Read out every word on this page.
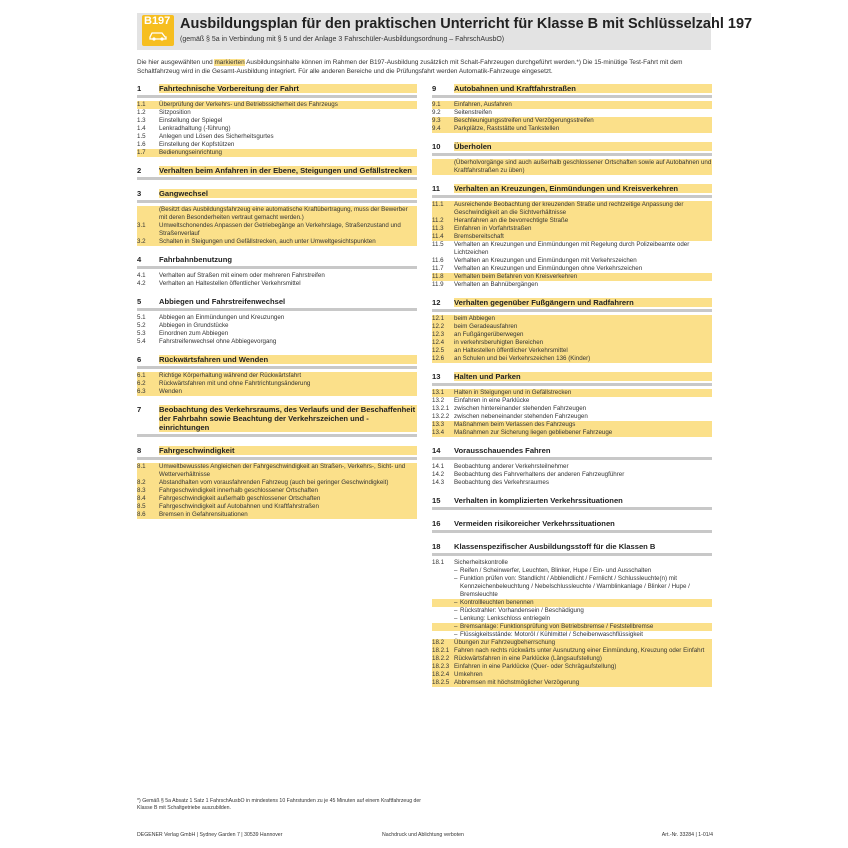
B197 Ausbildungsplan für den praktischen Unterricht für Klasse B mit Schlüsselzahl 197
(gemäß § 5a in Verbindung mit § 5 und der Anlage 3 Fahrschüler-Ausbildungsordnung – FahrschAusbO)
Die hier ausgewählten und markierten Ausbildungsinhalte können im Rahmen der B197-Ausbildung zusätzlich mit Schalt-Fahrzeugen durchgeführt werden.*) Die 15-minütige Test-Fahrt mit dem Schaltfahrzeug wird in die Gesamt-Ausbildung integriert. Für alle anderen Bereiche und die Prüfungsfahrt werden Automatik-Fahrzeuge eingesetzt.
1	Fahrtechnische Vorbereitung der Fahrt
1.1	Überprüfung der Verkehrs- und Betriebssicherheit des Fahrzeugs
1.2	Sitzposition
1.3	Einstellung der Spiegel
1.4	Lenkradhaltung (-führung)
1.5	Anlegen und Lösen des Sicherheitsgurtes
1.6	Einstellung der Kopfstützen
1.7	Bedienungseinrichtung
2	Verhalten beim Anfahren in der Ebene, Steigungen und Gefällstrecken
3	Gangwechsel
(Besitzt das Ausbildungsfahrzeug eine automatische Kraftübertragung, muss der Bewerber mit deren Besonderheiten vertraut gemacht werden.)
3.1	Umweltschonendes Anpassen der Getriebegänge an Verkehrslage, Straßenzustand und Straßenverlauf
3.2	Schalten in Steigungen und Gefällstrecken, auch unter Umweltgesichtspunkten
4	Fahrbahnbenutzung
4.1	Verhalten auf Straßen mit einem oder mehreren Fahrstreifen
4.2	Verhalten an Haltestellen öffentlicher Verkehrsmittel
5	Abbiegen und Fahrstreifenwechsel
5.1	Abbiegen an Einmündungen und Kreuzungen
5.2	Abbiegen in Grundstücke
5.3	Einordnen zum Abbiegen
5.4	Fahrstreifenwechsel ohne Abbiegevorgang
6	Rückwärtsfahren und Wenden
6.1	Richtige Körperhaltung während der Rückwärtsfahrt
6.2	Rückwärtsfahren mit und ohne Fahrtrichtungsänderung
6.3	Wenden
7	Beobachtung des Verkehrsraums, des Verlaufs und der Beschaffenheit der Fahrbahn sowie Beachtung der Verkehrszeichen und -einrichtungen
8	Fahrgeschwindigkeit
8.1	Umweltbewusstes Angleichen der Fahrgeschwindigkeit an Straßen-, Verkehrs-, Sicht- und Wetterverhältnisse
8.2	Abstandhalten vom vorausfahrenden Fahrzeug (auch bei geringer Geschwindigkeit)
8.3	Fahrgeschwindigkeit innerhalb geschlossener Ortschaften
8.4	Fahrgeschwindigkeit außerhalb geschlossener Ortschaften
8.5	Fahrgeschwindigkeit auf Autobahnen und Kraftfahrstraßen
8.6	Bremsen in Gefahrensituationen
9	Autobahnen und Kraftfahrstraßen
9.1	Einfahren, Ausfahren
9.2	Seitenstreifen
9.3	Beschleunigungsstreifen und Verzögerungsstreifen
9.4	Parkplätze, Raststätte und Tankstellen
10	Überholen
(Überholvorgänge sind auch außerhalb geschlossener Ortschaften sowie auf Autobahnen und Kraftfahrstraßen zu üben)
11	Verhalten an Kreuzungen, Einmündungen und Kreisverkehren
11.1	Ausreichende Beobachtung der kreuzenden Straße und rechtzeitige Anpassung der Geschwindigkeit an die Sichtverhältnisse
11.2	Heranfahren an die bevorrechtigte Straße
11.3	Einfahren in Vorfahrtstraßen
11.4	Bremsbereitschaft
11.5	Verhalten an Kreuzungen und Einmündungen mit Regelung durch Polizeibeamte oder Lichtzeichen
11.6	Verhalten an Kreuzungen und Einmündungen mit Verkehrszeichen
11.7	Verhalten an Kreuzungen und Einmündungen ohne Verkehrszeichen
11.8	Verhalten beim Befahren von Kreisverkehren
11.9	Verhalten an Bahnübergängen
12	Verhalten gegenüber Fußgängern und Radfahrern
12.1	beim Abbiegen
12.2	beim Geradeausfahren
12.3	an Fußgängerüberwegen
12.4	in verkehrsberuhigten Bereichen
12.5	an Haltestellen öffentlicher Verkehrsmittel
12.6	an Schulen und bei Verkehrszeichen 136 (Kinder)
13	Halten und Parken
13.1	Halten in Steigungen und in Gefällstrecken
13.2	Einfahren in eine Parklücke
13.2.1 zwischen hintereinander stehenden Fahrzeugen
13.2.2 zwischen nebeneinander stehenden Fahrzeugen
13.3	Maßnahmen beim Verlassen des Fahrzeugs
13.4	Maßnahmen zur Sicherung liegen gebliebener Fahrzeuge
14	Vorausschauendes Fahren
14.1	Beobachtung anderer Verkehrsteilnehmer
14.2	Beobachtung des Fahrverhaltens der anderen Fahrzeugführer
14.3	Beobachtung des Verkehrsraumes
15	Verhalten in komplizierten Verkehrssituationen
16	Vermeiden risikoreicher Verkehrssituationen
18	Klassenspezifischer Ausbildungsstoff für die Klassen B
18.1	Sicherheitskontrolle
– Reifen / Scheinwerfer, Leuchten, Blinker, Hupe / Ein- und Ausschalten
– Funktion prüfen von: Standlicht / Abblendlicht / Fernlicht / Schlussleuchte(n) mit Kennzeichenbeleuchtung / Nebelschlussleuchte / Warnblinkanlage / Blinker / Hupe / Bremsleuchte
– Kontrollleuchten benennen
– Rückstrahler: Vorhandensein / Beschädigung
– Lenkung: Lenkschloss entriegeln
– Bremsanlage: Funktionsprüfung von Betriebsbremse / Feststellbremse
– Flüssigkeitsstände: Motoröl / Kühlmittel / Scheibenwaschflüssigkeit
18.2	Übungen zur Fahrzeugbeherrschung
18.2.1 Fahren nach rechts rückwärts unter Ausnutzung einer Einmündung, Kreuzung oder Einfahrt
18.2.2 Rückwärtsfahren in eine Parklücke (Längsaufstellung)
18.2.3 Einfahren in eine Parklücke (Quer- oder Schrägaufstellung)
18.2.4 Umkehren
18.2.5 Abbremsen mit höchstmöglicher Verzögerung
*) Gemäß § 5a Absatz 1 Satz 1 FahrschAusbO in mindestens 10 Fahrstunden zu je 45 Minuten auf einem Kraftfahrzeug der Klasse B mit Schaltgetriebe auszubilden.
DEGENER Verlag GmbH | Sydney Garden 7 | 30539 Hannover	Nachdruck und Ablichtung verboten	Art.-Nr. 33284 | 1-01/4
